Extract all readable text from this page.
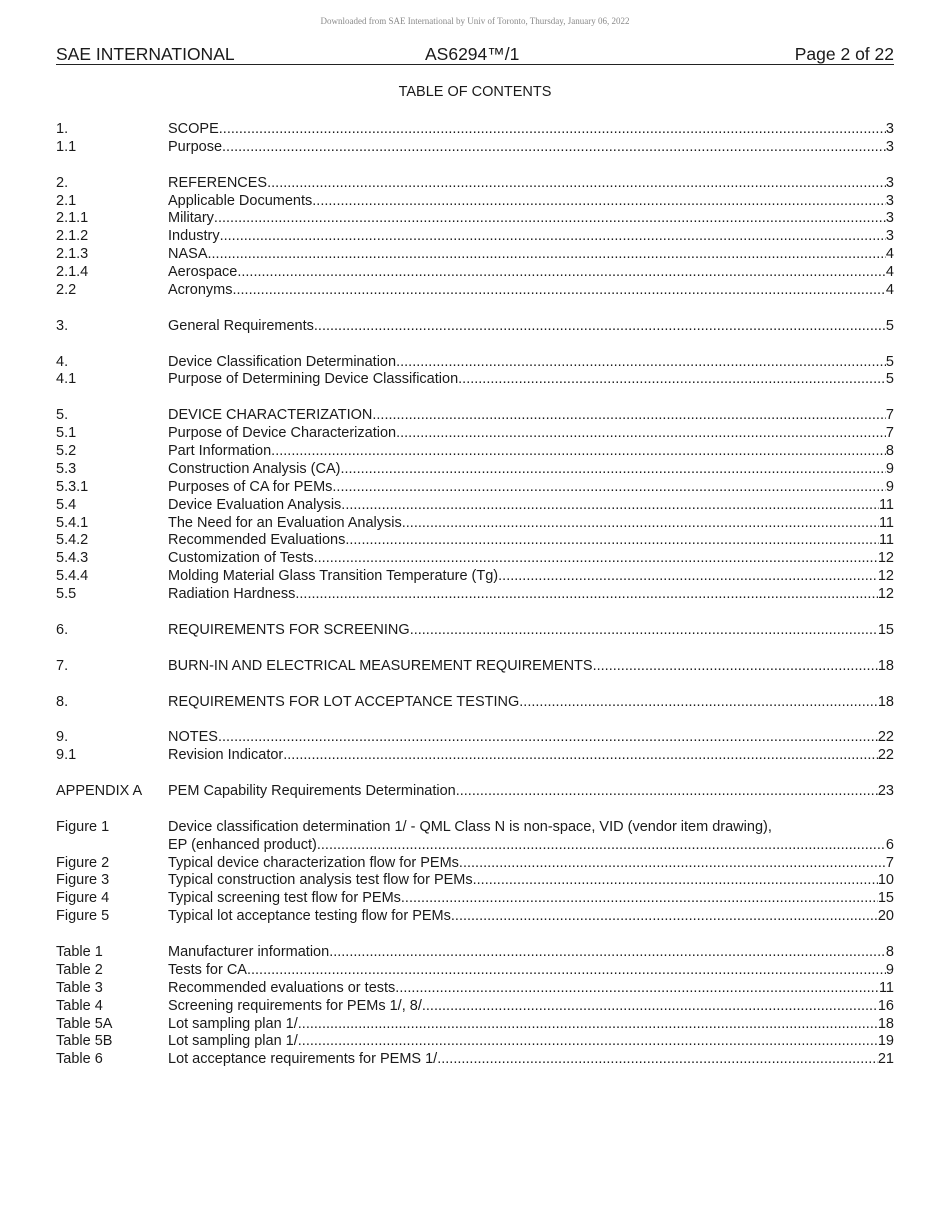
Downloaded from SAE International by Univ of Toronto, Thursday, January 06, 2022
SAE INTERNATIONAL	AS6294™/1	Page 2 of 22
TABLE OF CONTENTS
1.	SCOPE .....	3
1.1	Purpose .....	3
2.	REFERENCES .....	3
2.1	Applicable Documents .....	3
2.1.1	Military .....	3
2.1.2	Industry .....	3
2.1.3	NASA .....	4
2.1.4	Aerospace .....	4
2.2	Acronyms .....	4
3.	General Requirements .....	5
4.	Device Classification Determination .....	5
4.1	Purpose of Determining Device Classification .....	5
5.	DEVICE CHARACTERIZATION .....	7
5.1	Purpose of Device Characterization .....	7
5.2	Part Information .....	8
5.3	Construction Analysis (CA) .....	9
5.3.1	Purposes of CA for PEMs .....	9
5.4	Device Evaluation Analysis .....	11
5.4.1	The Need for an Evaluation Analysis .....	11
5.4.2	Recommended Evaluations .....	11
5.4.3	Customization of Tests .....	12
5.4.4	Molding Material Glass Transition Temperature (Tg) .....	12
5.5	Radiation Hardness .....	12
6.	REQUIREMENTS FOR SCREENING .....	15
7.	BURN-IN AND ELECTRICAL MEASUREMENT REQUIREMENTS .....	18
8.	REQUIREMENTS FOR LOT ACCEPTANCE TESTING .....	18
9.	NOTES .....	22
9.1	Revision Indicator .....	22
APPENDIX A	PEM Capability Requirements Determination .....	23
Figure 1	Device classification determination 1/ - QML Class N is non-space, VID (vendor item drawing),
EP (enhanced product) .....	6
Figure 2	Typical device characterization flow for PEMs .....	7
Figure 3	Typical construction analysis test flow for PEMs .....	10
Figure 4	Typical screening test flow for PEMs .....	15
Figure 5	Typical lot acceptance testing flow for PEMs .....	20
Table 1	Manufacturer information .....	8
Table 2	Tests for CA .....	9
Table 3	Recommended evaluations or tests .....	11
Table 4	Screening requirements for PEMs 1/, 8/ .....	16
Table 5A	Lot sampling plan 1/ .....	18
Table 5B	Lot sampling plan 1/ .....	19
Table 6	Lot acceptance requirements for PEMS 1/ .....	21
